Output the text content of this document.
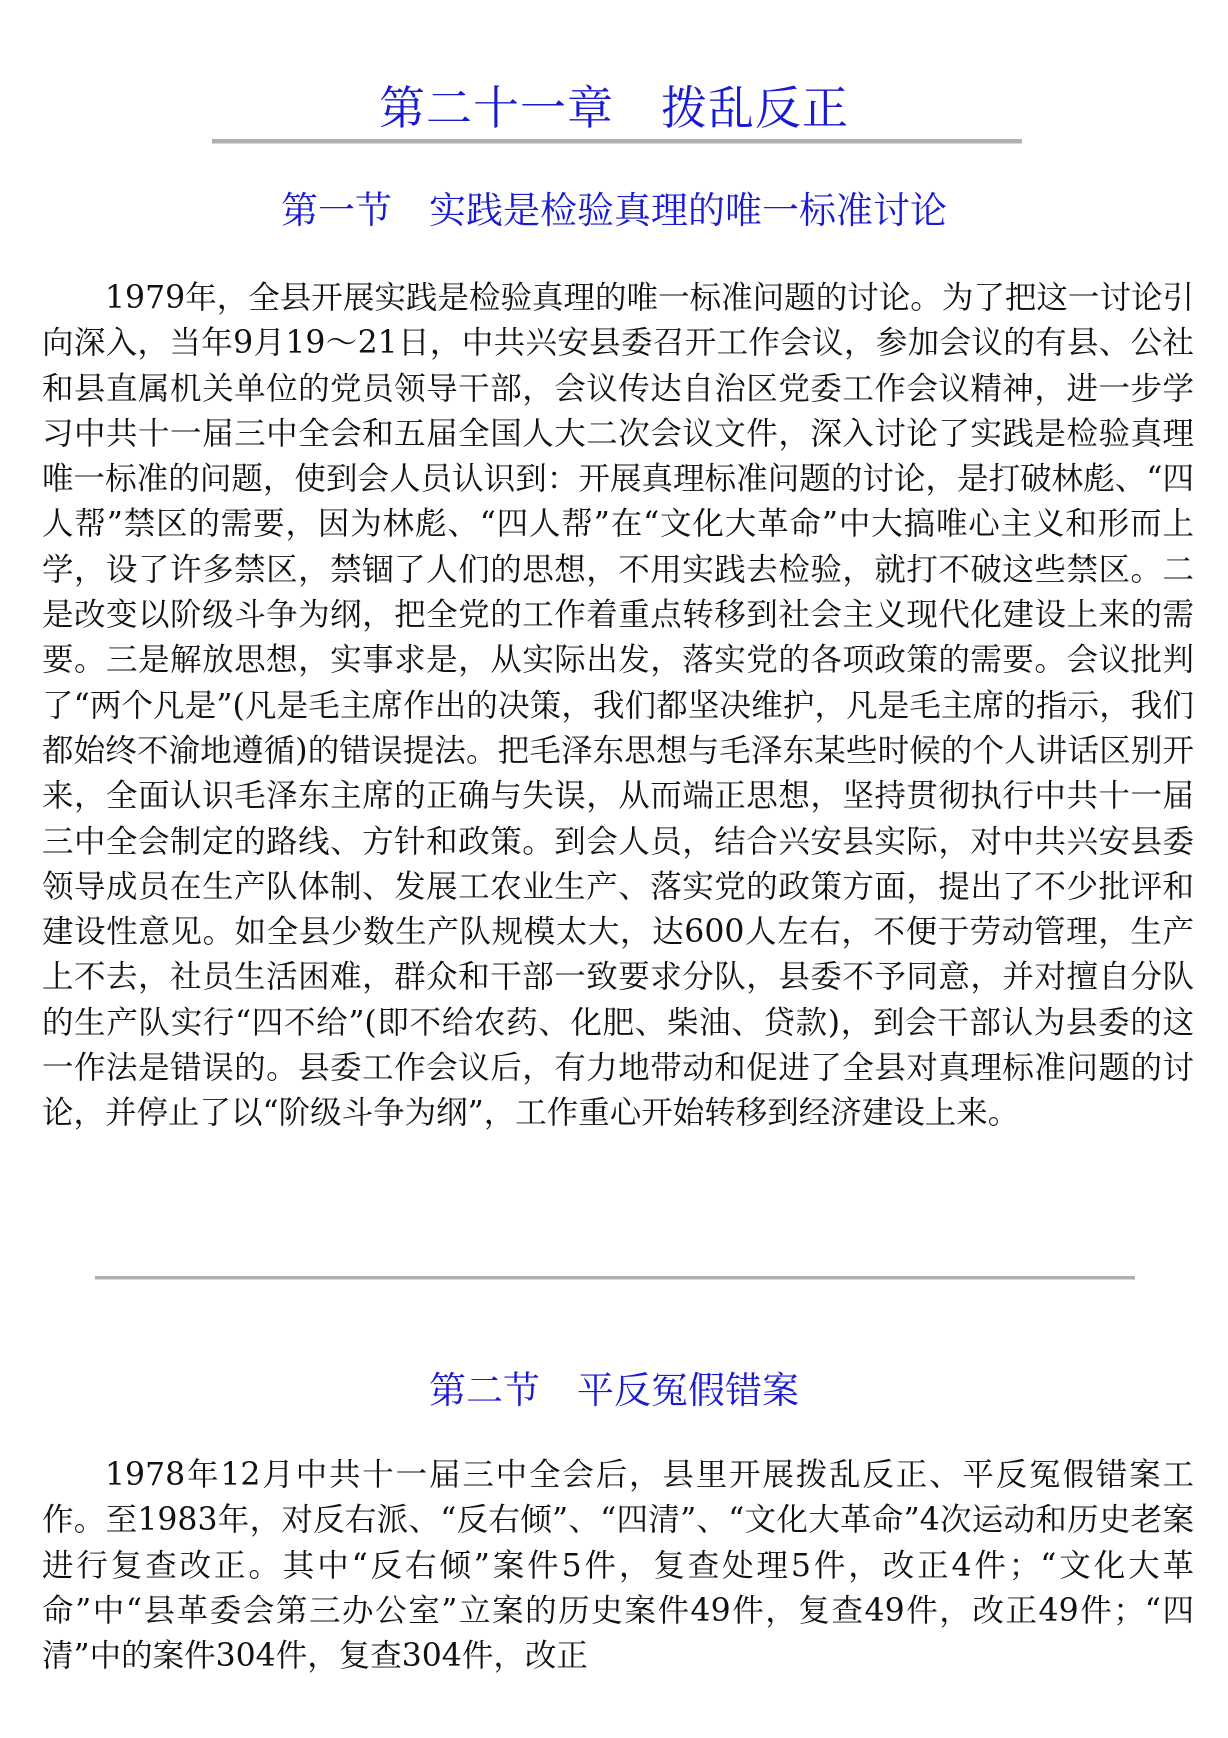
第二十一章　拨乱反正
第一节　实践是检验真理的唯一标准讨论

1979年，全县开展实践是检验真理的唯一标准问题的讨论。为了把这一讨论引向深入，当年9月19～21日，中共兴安县委召开工作会议，参加会议的有县、公社和县直属机关单位的党员领导干部，会议传达自治区党委工作会议精神，进一步学习中共十一届三中全会和五届全国人大二次会议文件，深入讨论了实践是检验真理唯一标准的问题，使到会人员认识到：开展真理标准问题的讨论，是打破林彪、“四人帮”禁区的需要，因为林彪、“四人帮”在“文化大革命”中大搞唯心主义和形而上学，设了许多禁区，禁锢了人们的思想，不用实践去检验，就打不破这些禁区。二是改变以阶级斗争为纲，把全党的工作着重点转移到社会主义现代化建设上来的需要。三是解放思想，实事求是，从实际出发，落实党的各项政策的需要。会议批判了“两个凡是”(凡是毛主席作出的决策，我们都坚决维护，凡是毛主席的指示，我们都始终不渝地遵循)的错误提法。把毛泽东思想与毛泽东某些时候的个人讲话区别开来，全面认识毛泽东主席的正确与失误，从而端正思想，坚持贯彻执行中共十一届三中全会制定的路线、方针和政策。到会人员，结合兴安县实际，对中共兴安县委领导成员在生产队体制、发展工农业生产、落实党的政策方面，提出了不少批评和建设性意见。如全县少数生产队规模太大，达600人左右，不便于劳动管理，生产上不去，社员生活困难，群众和干部一致要求分队，县委不予同意，并对擅自分队的生产队实行“四不给”(即不给农药、化肥、柴油、贷款)，到会干部认为县委的这一作法是错误的。县委工作会议后，有力地带动和促进了全县对真理标准问题的讨论，并停止了以“阶级斗争为纲”，工作重心开始转移到经济建设上来。

第二节　平反冤假错案

1978年12月中共十一届三中全会后，县里开展拨乱反正、平反冤假错案工作。至1983年，对反右派、“反右倾”、“四清”、“文化大革命”4次运动和历史老案进行复查改正。其中“反右倾”案件5件，复查处理5件，改正4件；“文化大革命”中“县革委会第三办公室”立案的历史案件49件，复查49件，改正49件；“四清”中的案件304件，复查304件，改正
